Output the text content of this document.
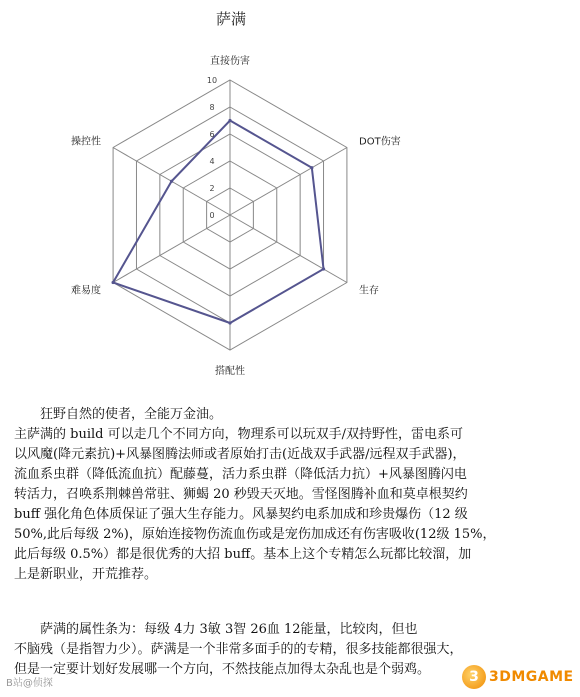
萨满
0
2
4
6
8
10
直接伤害
DOT伤害
生存
搭配性
难易度
操控性

狂野自然的使者，全能万金油。

主萨满的 build 可以走几个不同方向，物理系可以玩双手/双持野性，雷电系可
以风魔(降元素抗)+风暴图腾法师或者原始打击(近战双手武器/远程双手武器)，
流血系虫群（降低流血抗）配藤蔓，活力系虫群（降低活力抗）+风暴图腾闪电
转活力，召唤系荆棘兽常驻、狮蝎 20 秒毁天灭地。雪怪图腾补血和莫卓根契约
buff 强化角色体质保证了强大生存能力。风暴契约电系加成和珍贵爆伤（12 级
50%,此后每级 2%)，原始连接物伤流血伤或是宠伤加成还有伤害吸收(12级 15%，
此后每级 0.5%）都是很优秀的大招 buff。基本上这个专精怎么玩都比较溜，加
上是新职业，开荒推荐。
萨满的属性条为：每级 4力 3敏 3智 26血 12能量，比较肉，但也
不脑残（是指智力少）。萨满是一个非常多面手的的专精，很多技能都很强大，
但是一定要计划好发展哪一个方向，不然技能点加得太杂乱也是个弱鸡。
B站@侦探	3 3DMGAME
